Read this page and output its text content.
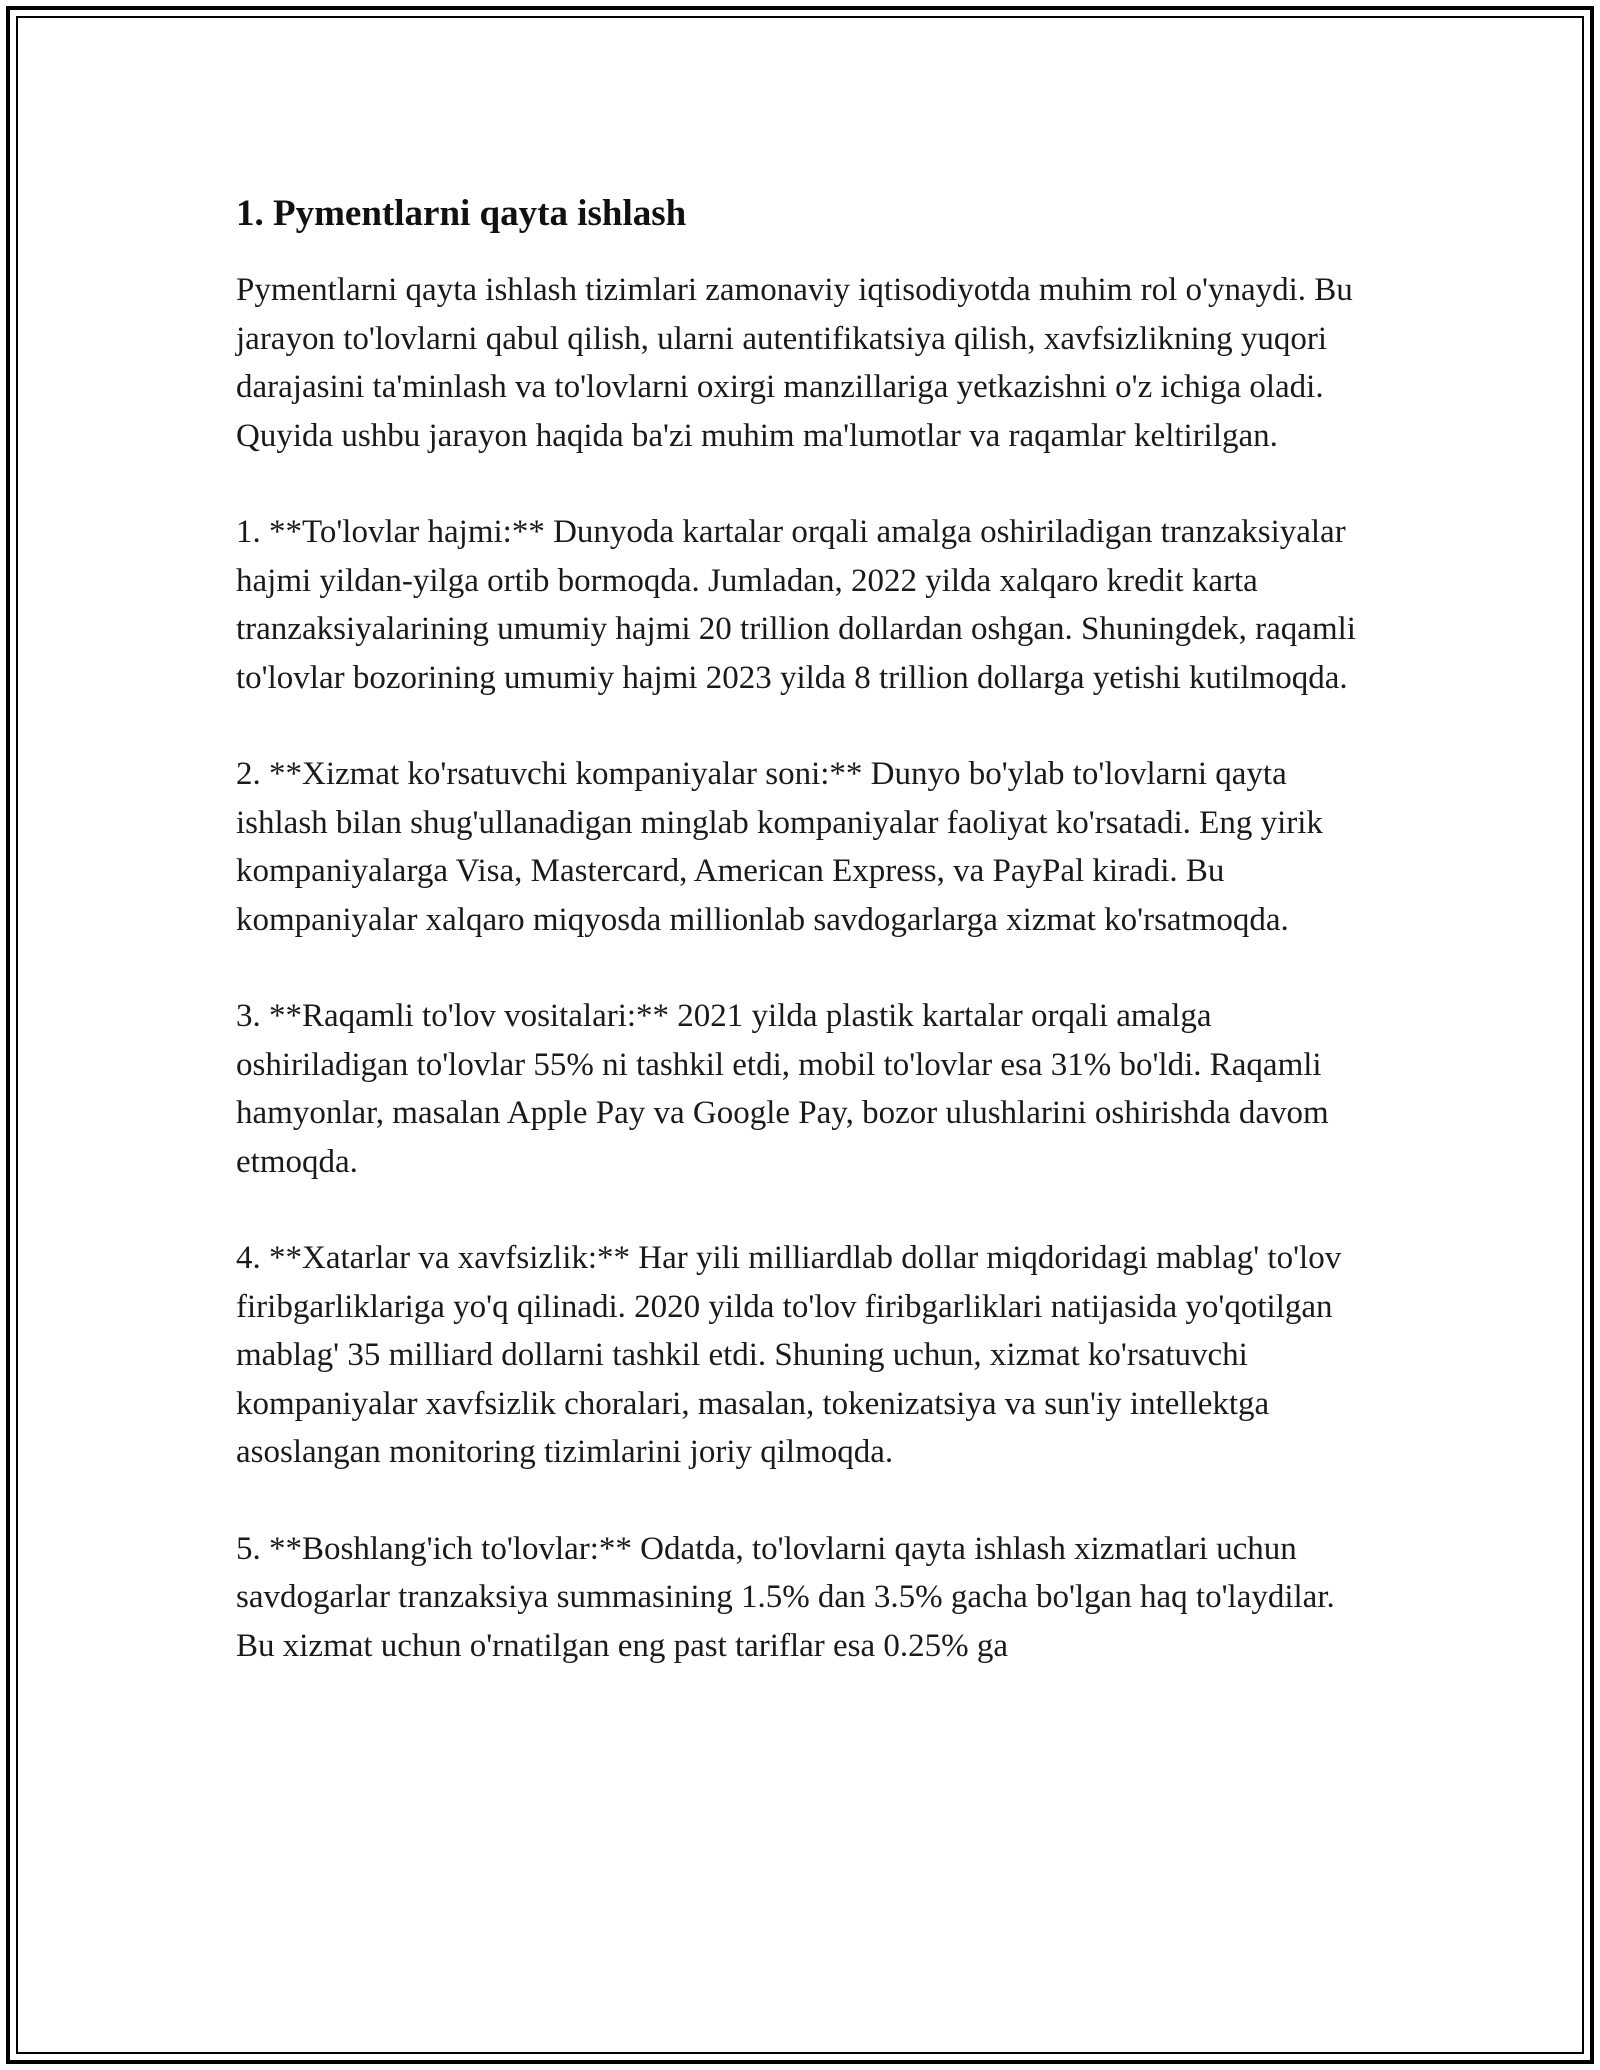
1. Pymentlarni qayta ishlash

Pymentlarni qayta ishlash tizimlari zamonaviy iqtisodiyotda muhim rol o'ynaydi. Bu jarayon to'lovlarni qabul qilish, ularni autentifikatsiya qilish, xavfsizlikning yuqori darajasini ta'minlash va to'lovlarni oxirgi manzillariga yetkazishni o'z ichiga oladi. Quyida ushbu jarayon haqida ba'zi muhim ma'lumotlar va raqamlar keltirilgan.

1. **To'lovlar hajmi:** Dunyoda kartalar orqali amalga oshiriladigan tranzaksiyalar hajmi yildan-yilga ortib bormoqda. Jumladan, 2022 yilda xalqaro kredit karta tranzaksiyalarining umumiy hajmi 20 trillion dollardan oshgan. Shuningdek, raqamli to'lovlar bozorining umumiy hajmi 2023 yilda 8 trillion dollarga yetishi kutilmoqda.

2. **Xizmat ko'rsatuvchi kompaniyalar soni:** Dunyo bo'ylab to'lovlarni qayta ishlash bilan shug'ullanadigan minglab kompaniyalar faoliyat ko'rsatadi. Eng yirik kompaniyalarga Visa, Mastercard, American Express, va PayPal kiradi. Bu kompaniyalar xalqaro miqyosda millionlab savdogarlarga xizmat ko'rsatmoqda.

3. **Raqamli to'lov vositalari:** 2021 yilda plastik kartalar orqali amalga oshiriladigan to'lovlar 55% ni tashkil etdi, mobil to'lovlar esa 31% bo'ldi. Raqamli hamyonlar, masalan Apple Pay va Google Pay, bozor ulushlarini oshirishda davom etmoqda.

4. **Xatarlar va xavfsizlik:** Har yili milliardlab dollar miqdoridagi mablag' to'lov firibgarliklariga yo'q qilinadi. 2020 yilda to'lov firibgarliklari natijasida yo'qotilgan mablag' 35 milliard dollarni tashkil etdi. Shuning uchun, xizmat ko'rsatuvchi kompaniyalar xavfsizlik choralari, masalan, tokenizatsiya va sun'iy intellektga asoslangan monitoring tizimlarini joriy qilmoqda.

5. **Boshlang'ich to'lovlar:** Odatda, to'lovlarni qayta ishlash xizmatlari uchun savdogarlar tranzaksiya summasining 1.5% dan 3.5% gacha bo'lgan haq to'laydilar. Bu xizmat uchun o'rnatilgan eng past tariflar esa 0.25% ga
